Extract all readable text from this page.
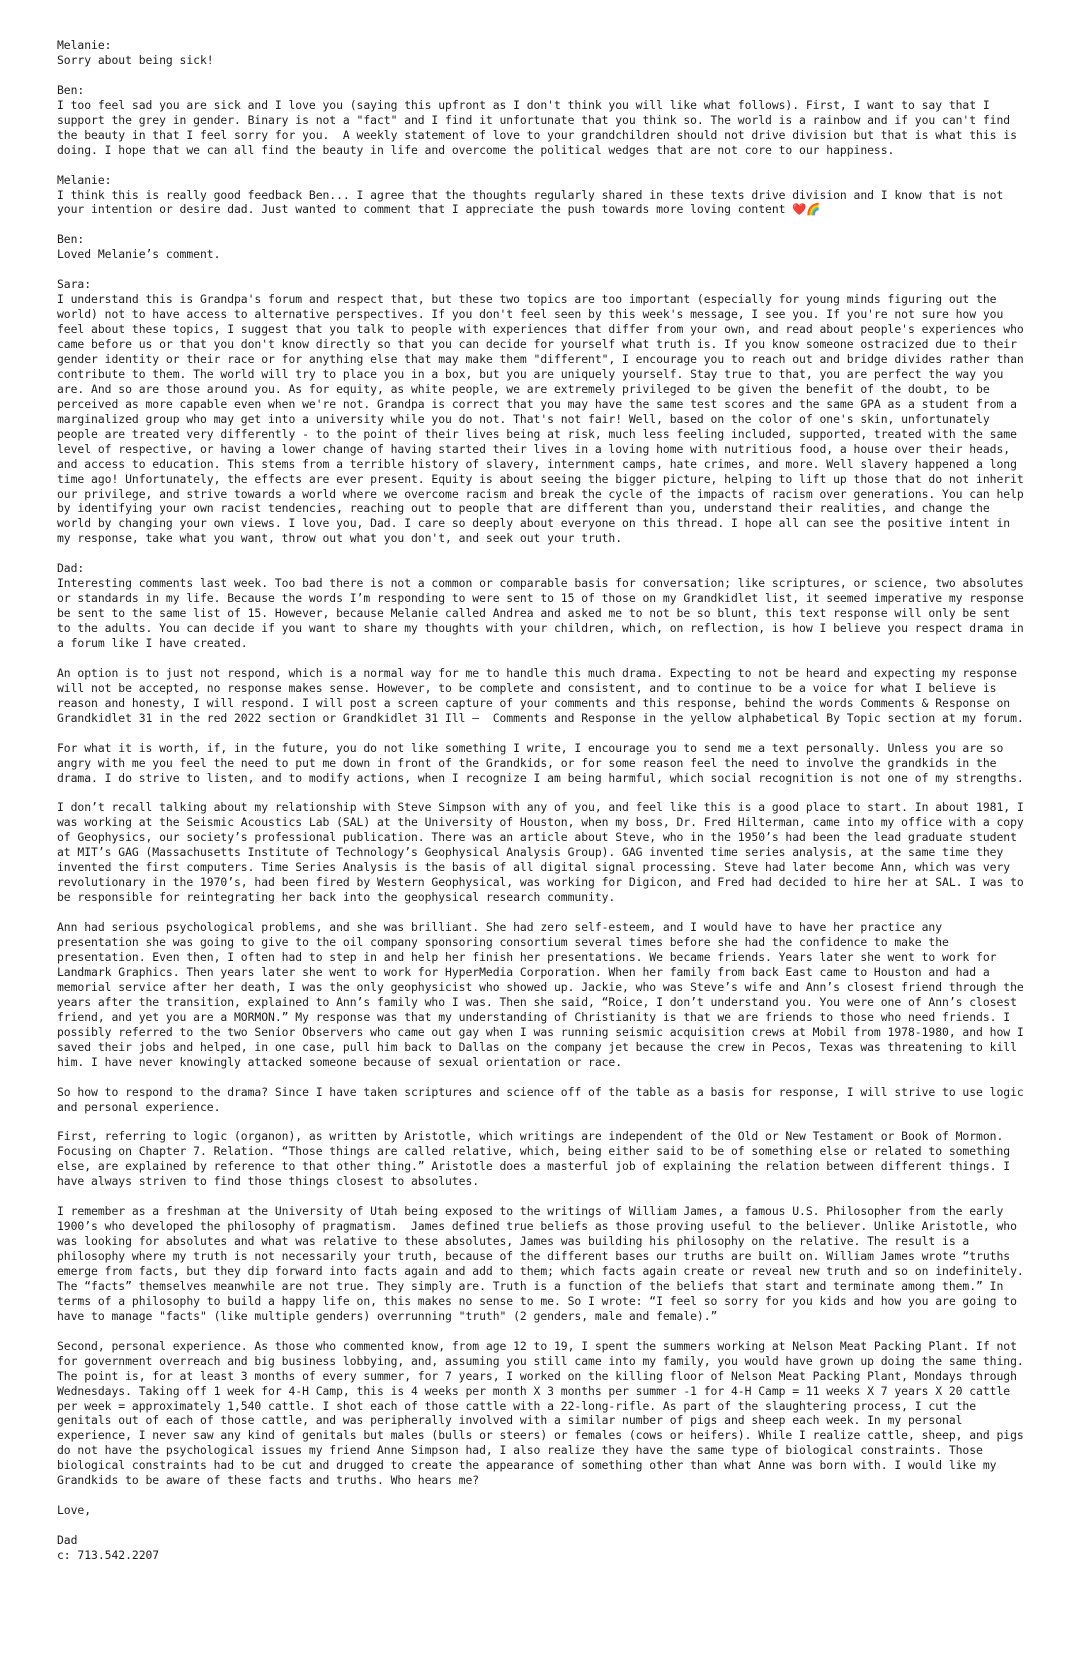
Melanie:
Sorry about being sick!
Ben:
I too feel sad you are sick and I love you (saying this upfront as I don't think you will like what follows). First, I want to say that I support the grey in gender. Binary is not a "fact" and I find it unfortunate that you think so. The world is a rainbow and if you can't find the beauty in that I feel sorry for you.  A weekly statement of love to your grandchildren should not drive division but that is what this is doing. I hope that we can all find the beauty in life and overcome the political wedges that are not core to our happiness.
Melanie:
I think this is really good feedback Ben... I agree that the thoughts regularly shared in these texts drive division and I know that is not your intention or desire dad. Just wanted to comment that I appreciate the push towards more loving content ❤️🌈
Ben:
Loved Melanie’s comment.
Sara:
I understand this is Grandpa's forum and respect that, but these two topics are too important (especially for young minds figuring out the world) not to have access to alternative perspectives. If you don't feel seen by this week's message, I see you. If you're not sure how you feel about these topics, I suggest that you talk to people with experiences that differ from your own, and read about people's experiences who came before us or that you don't know directly so that you can decide for yourself what truth is. If you know someone ostracized due to their gender identity or their race or for anything else that may make them "different", I encourage you to reach out and bridge divides rather than contribute to them. The world will try to place you in a box, but you are uniquely yourself. Stay true to that, you are perfect the way you are. And so are those around you. As for equity, as white people, we are extremely privileged to be given the benefit of the doubt, to be perceived as more capable even when we're not. Grandpa is correct that you may have the same test scores and the same GPA as a student from a marginalized group who may get into a university while you do not. That's not fair! Well, based on the color of one's skin, unfortunately people are treated very differently - to the point of their lives being at risk, much less feeling included, supported, treated with the same level of respective, or having a lower change of having started their lives in a loving home with nutritious food, a house over their heads, and access to education. This stems from a terrible history of slavery, internment camps, hate crimes, and more. Well slavery happened a long time ago! Unfortunately, the effects are ever present. Equity is about seeing the bigger picture, helping to lift up those that do not inherit our privilege, and strive towards a world where we overcome racism and break the cycle of the impacts of racism over generations. You can help by identifying your own racist tendencies, reaching out to people that are different than you, understand their realities, and change the world by changing your own views. I love you, Dad. I care so deeply about everyone on this thread. I hope all can see the positive intent in my response, take what you want, throw out what you don't, and seek out your truth.
Dad:
Interesting comments last week. Too bad there is not a common or comparable basis for conversation; like scriptures, or science, two absolutes or standards in my life. Because the words I’m responding to were sent to 15 of those on my Grandkidlet list, it seemed imperative my response be sent to the same list of 15. However, because Melanie called Andrea and asked me to not be so blunt, this text response will only be sent to the adults. You can decide if you want to share my thoughts with your children, which, on reflection, is how I believe you respect drama in a forum like I have created.
An option is to just not respond, which is a normal way for me to handle this much drama. Expecting to not be heard and expecting my response will not be accepted, no response makes sense. However, to be complete and consistent, and to continue to be a voice for what I believe is reason and honesty, I will respond. I will post a screen capture of your comments and this response, behind the words Comments & Response on Grandkidlet 31 in the red 2022 section or Grandkidlet 31 Ill –  Comments and Response in the yellow alphabetical By Topic section at my forum.
For what it is worth, if, in the future, you do not like something I write, I encourage you to send me a text personally. Unless you are so angry with me you feel the need to put me down in front of the Grandkids, or for some reason feel the need to involve the grandkids in the drama. I do strive to listen, and to modify actions, when I recognize I am being harmful, which social recognition is not one of my strengths.
I don’t recall talking about my relationship with Steve Simpson with any of you, and feel like this is a good place to start. In about 1981, I was working at the Seismic Acoustics Lab (SAL) at the University of Houston, when my boss, Dr. Fred Hilterman, came into my office with a copy of Geophysics, our society’s professional publication. There was an article about Steve, who in the 1950’s had been the lead graduate student at MIT’s GAG (Massachusetts Institute of Technology’s Geophysical Analysis Group). GAG invented time series analysis, at the same time they invented the first computers. Time Series Analysis is the basis of all digital signal processing. Steve had later become Ann, which was very revolutionary in the 1970’s, had been fired by Western Geophysical, was working for Digicon, and Fred had decided to hire her at SAL. I was to be responsible for reintegrating her back into the geophysical research community.
Ann had serious psychological problems, and she was brilliant. She had zero self-esteem, and I would have to have her practice any presentation she was going to give to the oil company sponsoring consortium several times before she had the confidence to make the presentation. Even then, I often had to step in and help her finish her presentations. We became friends. Years later she went to work for Landmark Graphics. Then years later she went to work for HyperMedia Corporation. When her family from back East came to Houston and had a memorial service after her death, I was the only geophysicist who showed up. Jackie, who was Steve’s wife and Ann’s closest friend through the years after the transition, explained to Ann’s family who I was. Then she said, “Roice, I don’t understand you. You were one of Ann’s closest friend, and yet you are a MORMON.” My response was that my understanding of Christianity is that we are friends to those who need friends. I possibly referred to the two Senior Observers who came out gay when I was running seismic acquisition crews at Mobil from 1978-1980, and how I saved their jobs and helped, in one case, pull him back to Dallas on the company jet because the crew in Pecos, Texas was threatening to kill him. I have never knowingly attacked someone because of sexual orientation or race.
So how to respond to the drama? Since I have taken scriptures and science off of the table as a basis for response, I will strive to use logic and personal experience.
First, referring to logic (organon), as written by Aristotle, which writings are independent of the Old or New Testament or Book of Mormon. Focusing on Chapter 7. Relation. “Those things are called relative, which, being either said to be of something else or related to something else, are explained by reference to that other thing.” Aristotle does a masterful job of explaining the relation between different things. I have always striven to find those things closest to absolutes.
I remember as a freshman at the University of Utah being exposed to the writings of William James, a famous U.S. Philosopher from the early 1900’s who developed the philosophy of pragmatism.  James defined true beliefs as those proving useful to the believer. Unlike Aristotle, who was looking for absolutes and what was relative to these absolutes, James was building his philosophy on the relative. The result is a philosophy where my truth is not necessarily your truth, because of the different bases our truths are built on. William James wrote “truths emerge from facts, but they dip forward into facts again and add to them; which facts again create or reveal new truth and so on indefinitely. The “facts” themselves meanwhile are not true. They simply are. Truth is a function of the beliefs that start and terminate among them.” In terms of a philosophy to build a happy life on, this makes no sense to me. So I wrote: “I feel so sorry for you kids and how you are going to have to manage "facts" (like multiple genders) overrunning "truth" (2 genders, male and female).”
Second, personal experience. As those who commented know, from age 12 to 19, I spent the summers working at Nelson Meat Packing Plant. If not for government overreach and big business lobbying, and, assuming you still came into my family, you would have grown up doing the same thing. The point is, for at least 3 months of every summer, for 7 years, I worked on the killing floor of Nelson Meat Packing Plant, Mondays through Wednesdays. Taking off 1 week for 4-H Camp, this is 4 weeks per month X 3 months per summer -1 for 4-H Camp = 11 weeks X 7 years X 20 cattle per week = approximately 1,540 cattle. I shot each of those cattle with a 22-long-rifle. As part of the slaughtering process, I cut the genitals out of each of those cattle, and was peripherally involved with a similar number of pigs and sheep each week. In my personal experience, I never saw any kind of genitals but males (bulls or steers) or females (cows or heifers). While I realize cattle, sheep, and pigs do not have the psychological issues my friend Anne Simpson had, I also realize they have the same type of biological constraints. Those biological constraints had to be cut and drugged to create the appearance of something other than what Anne was born with. I would like my Grandkids to be aware of these facts and truths. Who hears me?
Love,
Dad
c: 713.542.2207
